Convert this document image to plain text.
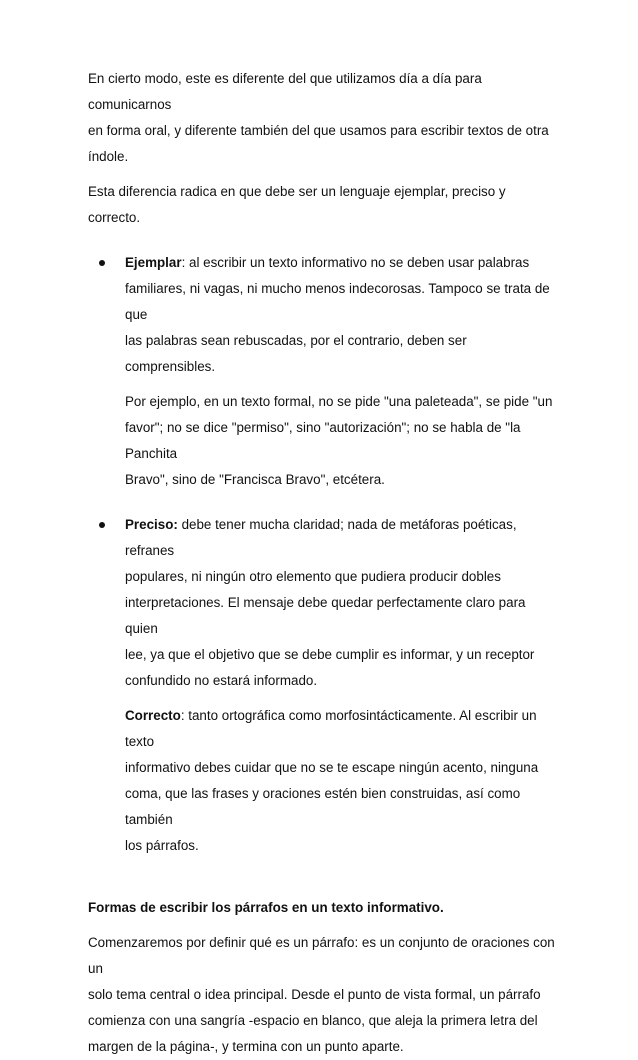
En cierto modo, este es diferente del que utilizamos día a día para comunicarnos

en forma oral, y diferente también del que usamos para escribir textos de otra

índole.

Esta diferencia radica en que debe ser un lenguaje ejemplar, preciso y correcto.

Ejemplar: al escribir un texto informativo no se deben usar palabras

familiares, ni vagas, ni mucho menos indecorosas. Tampoco se trata de que

las palabras sean rebuscadas, por el contrario, deben ser comprensibles.

Por ejemplo, en un texto formal, no se pide "una paleteada", se pide "un

favor"; no se dice "permiso", sino "autorización"; no se habla de "la Panchita

Bravo", sino de "Francisca Bravo", etcétera.

Preciso: debe tener mucha claridad; nada de metáforas poéticas, refranes

populares, ni ningún otro elemento que pudiera producir dobles

interpretaciones. El mensaje debe quedar perfectamente claro para quien

lee, ya que el objetivo que se debe cumplir es informar, y un receptor

confundido no estará informado.

Correcto: tanto ortográfica como morfosintácticamente. Al escribir un texto

informativo debes cuidar que no se te escape ningún acento, ninguna

coma, que las frases y oraciones estén bien construidas, así como también

los párrafos.

Formas de escribir los párrafos en un texto informativo.

Comenzaremos por definir qué es un párrafo: es un conjunto de oraciones con un

solo tema central o idea principal. Desde el punto de vista formal, un párrafo

comienza con una sangría -espacio en blanco, que aleja la primera letra del

margen de la página-, y termina con un punto aparte.
